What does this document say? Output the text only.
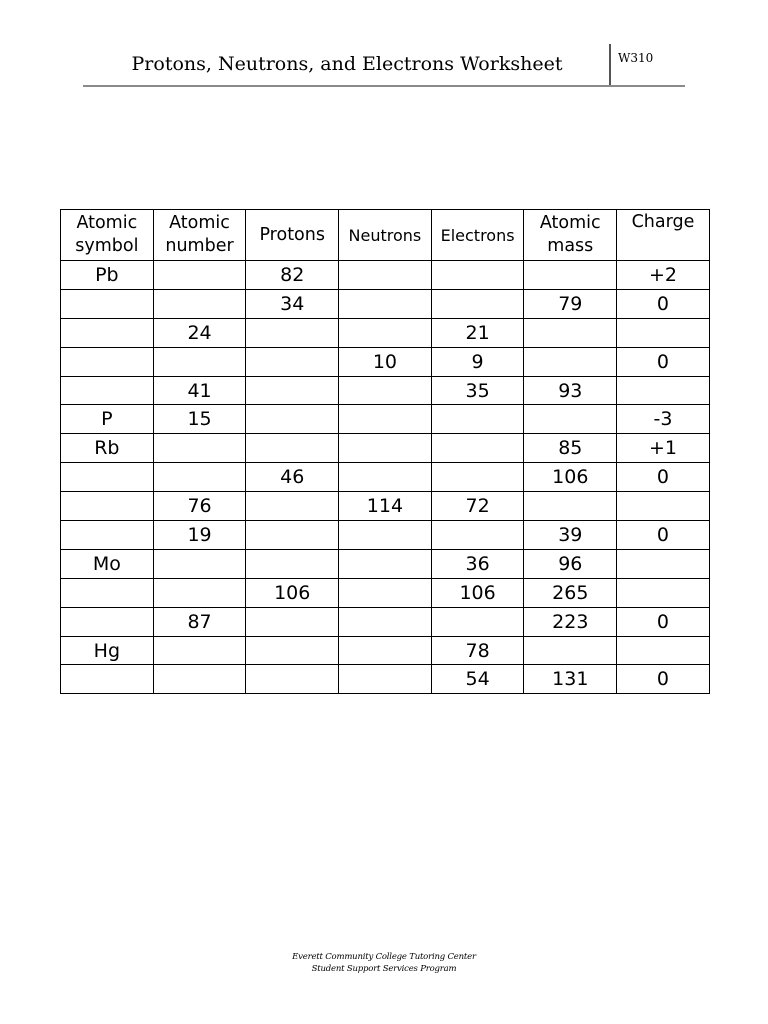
Protons, Neutrons, and Electrons Worksheet	W310
Atomic symbol	Atomic number	Protons	Neutrons	Electrons	Atomic mass	Charge

Pb		82				+2
		34			79	0
	24			21		
			10	9		0
	41			35	93	
P	15					-3
Rb					85	+1
		46			106	0
	76		114	72		
	19				39	0
Mo				36	96	
		106		106	265	
	87				223	0
Hg				78		
				54	131	0
Everett Community College Tutoring Center
Student Support Services Program
